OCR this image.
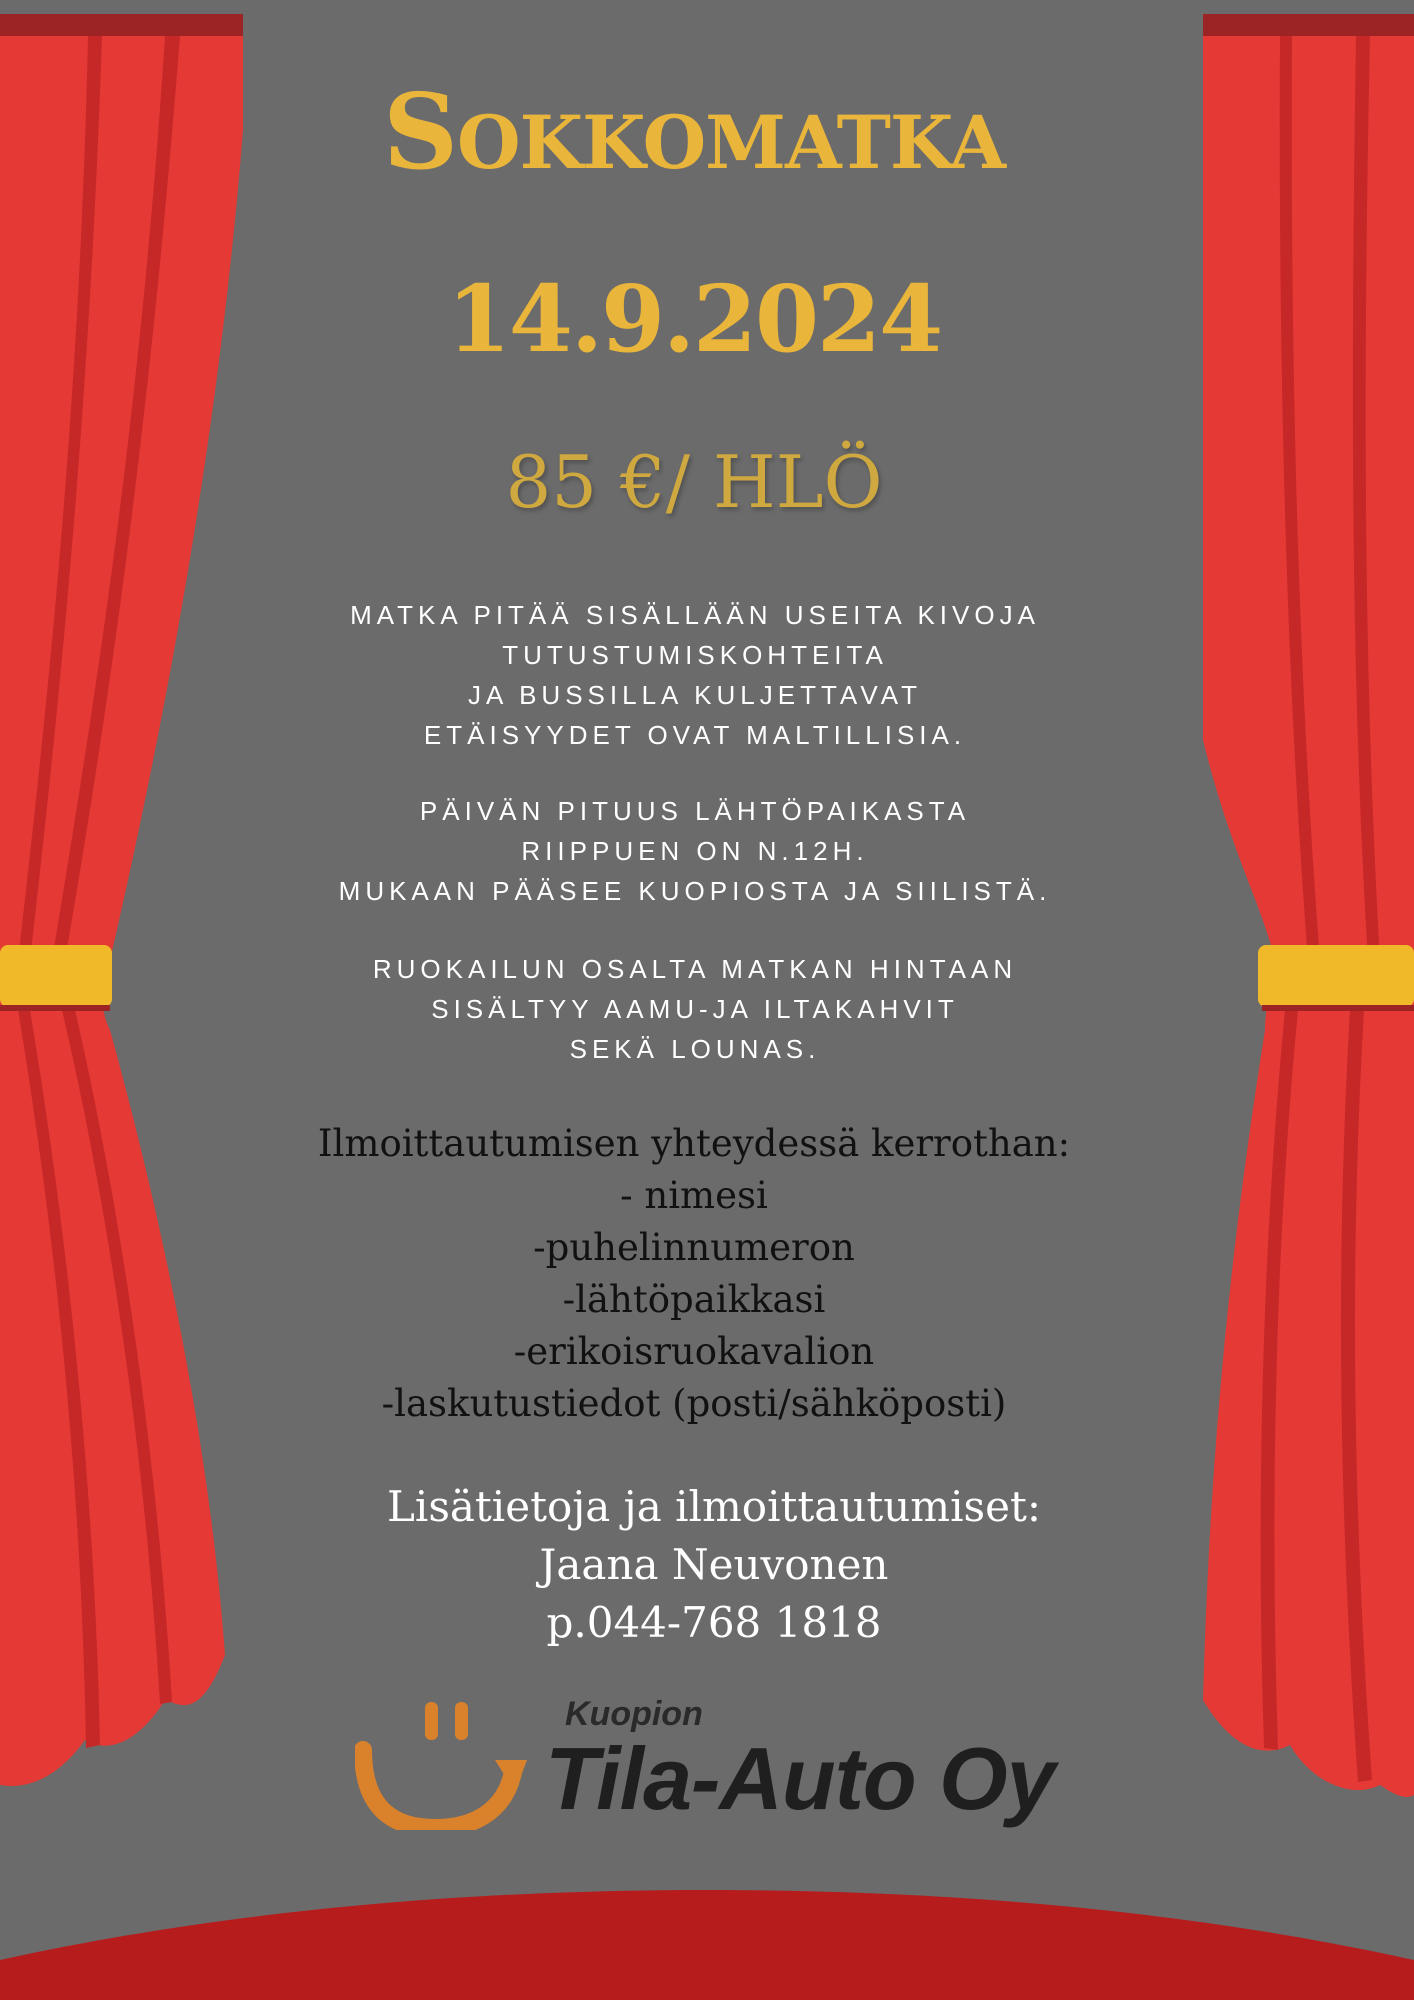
Sokkomatka
14.9.2024
85 €/ HLÖ
MATKA PITÄÄ SISÄLLÄÄN USEITA KIVOJA
TUTUSTUMISKOHTEITA
JA BUSSILLA KULJETTAVAT
ETÄISYYDET OVAT MALTILLISIA.
PÄIVÄN PITUUS LÄHTÖPAIKASTA
RIIPPUEN ON N.12H.
MUKAAN PÄÄSEE KUOPIOSTA JA SIILISTÄ.
RUOKAILUN OSALTA MATKAN HINTAAN
SISÄLTYY AAMU-JA ILTAKAHVIT
SEKÄ LOUNAS.
Ilmoittautumisen yhteydessä kerrothan:
- nimesi
-puhelinnumeron
-lähtöpaikkasi
-erikoisruokavalion
-laskutustiedot (posti/sähköposti)
Lisätietoja ja ilmoittautumiset:
Jaana Neuvonen
p.044-768 1818
Kuopion
Tila-Auto Oy
